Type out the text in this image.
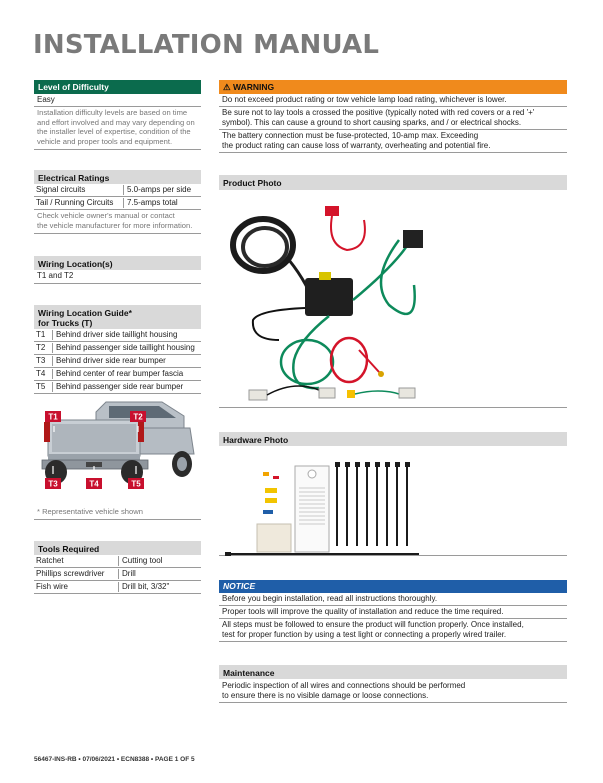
INSTALLATION MANUAL
Level of Difficulty
Easy
Installation difficulty levels are based on time
and effort involved and may vary depending on
the installer level of expertise, condition of the
vehicle and proper tools and equipment.
Electrical Ratings
Signal circuits	5.0-amps per side
Tail / Running Circuits	7.5-amps total
Check vehicle owner's manual or contact
the vehicle manufacturer for more information.
Wiring Location(s)
T1 and T2
Wiring Location Guide*
for Trucks (T)
T1	Behind driver side taillight housing
T2	Behind passenger side taillight housing
T3	Behind driver side rear bumper
T4	Behind center of rear bumper fascia
T5	Behind passenger side rear bumper
T1	T2
T3	T4	T5
* Representative vehicle shown
Tools Required
Ratchet	Cutting tool
Phillips screwdriver	Drill
Fish wire	Drill bit, 3/32"
⚠ WARNING
Do not exceed product rating or tow vehicle lamp load rating, whichever is lower.
Be sure not to lay tools a crossed the positive (typically noted with red covers or a red '+'
symbol). This can cause a ground to short causing sparks, and / or electrical shocks.
The battery connection must be fuse-protected, 10-amp max. Exceeding
the product rating can cause loss of warranty, overheating and potential fire.
Product Photo
Hardware Photo
NOTICE
Before you begin installation, read all instructions thoroughly.
Proper tools will improve the quality of installation and reduce the time required.
All steps must be followed to ensure the product will function properly. Once installed,
test for proper function by using a test light or connecting a properly wired trailer.
Maintenance
Periodic inspection of all wires and connections should be performed
to ensure there is no visible damage or loose connections.
56467-INS-RB • 07/06/2021 • ECN8388 • PAGE 1 OF 5
